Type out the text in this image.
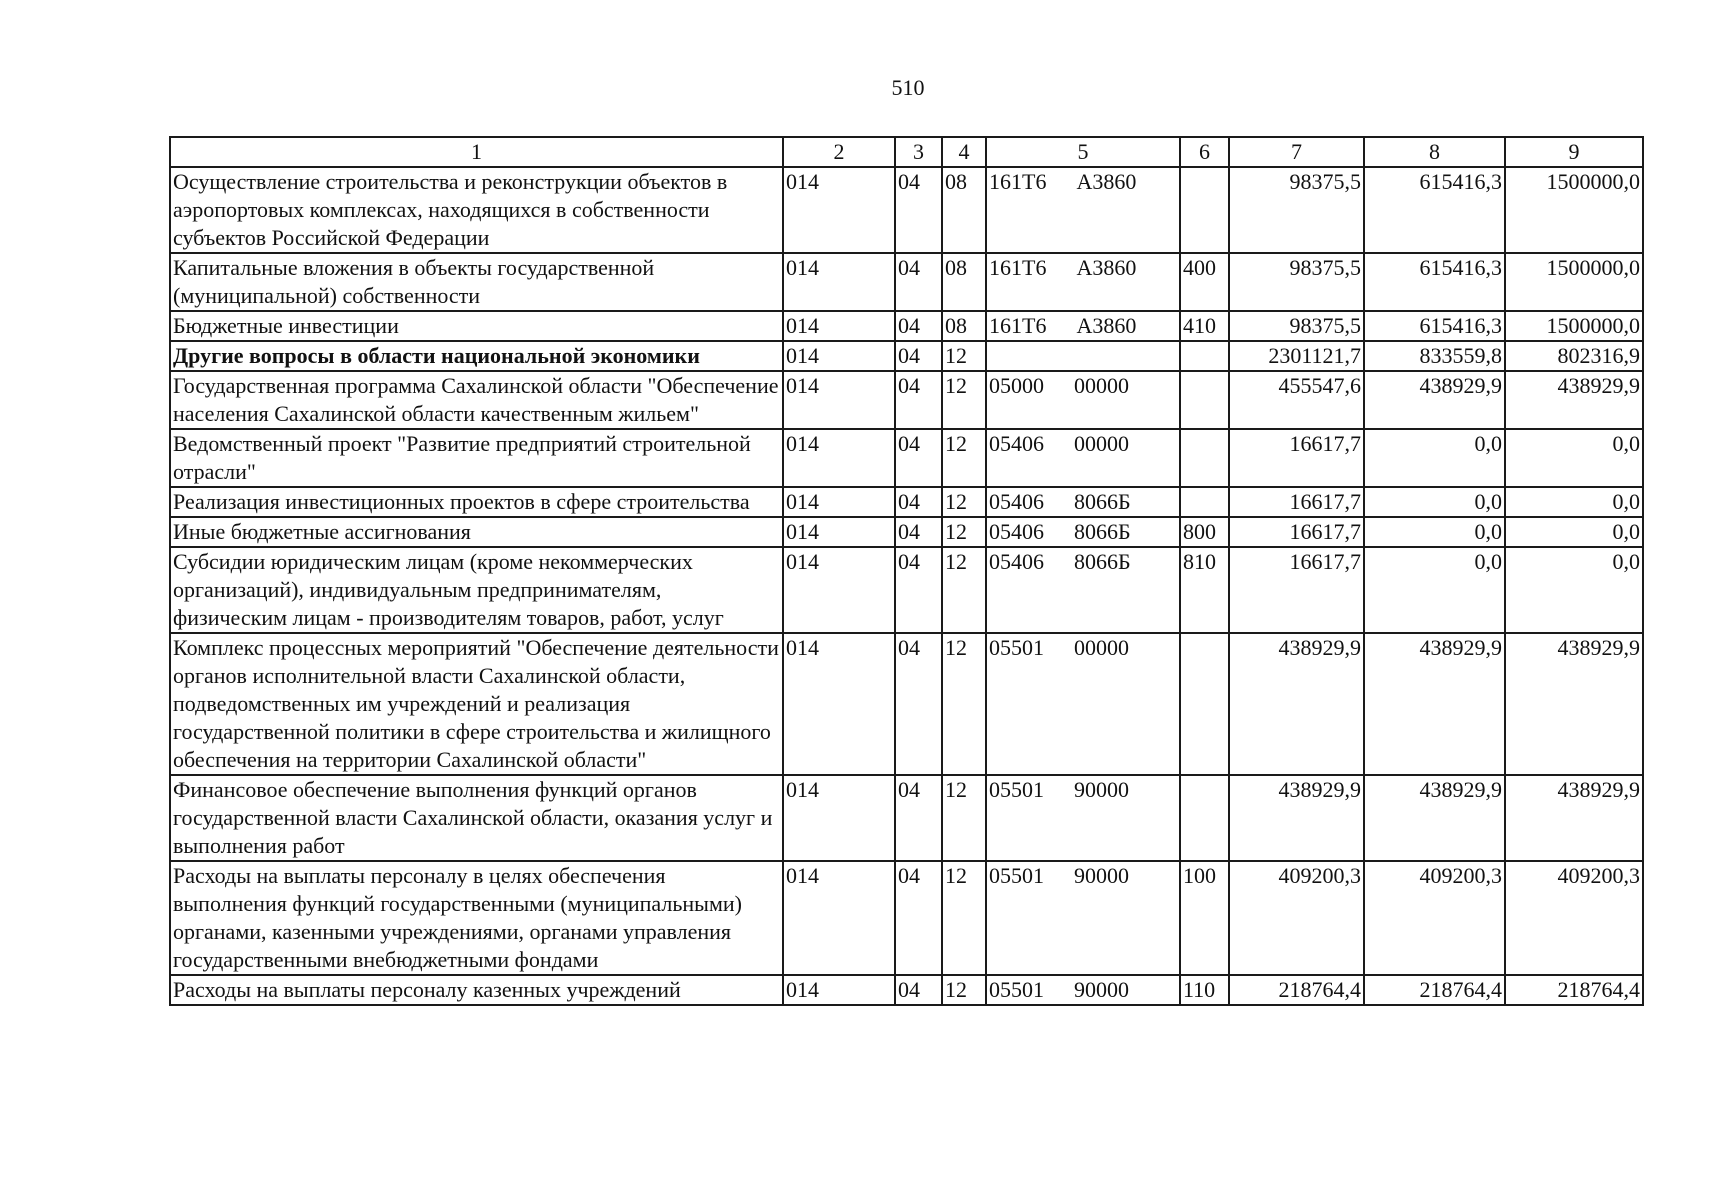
510
1	2	3	4	5	6	7	8	9
Осуществление строительства и реконструкции объектов в аэропортовых комплексах, находящихся в собственности субъектов Российской Федерации	014	04	08	161Т6 А3860		98375,5	615416,3	1500000,0
Капитальные вложения в объекты государственной (муниципальной) собственности	014	04	08	161Т6 А3860	400	98375,5	615416,3	1500000,0
Бюджетные инвестиции	014	04	08	161Т6 А3860	410	98375,5	615416,3	1500000,0
Другие вопросы в области национальной экономики	014	04	12			2301121,7	833559,8	802316,9
Государственная программа Сахалинской области "Обеспечение населения Сахалинской области качественным жильем"	014	04	12	05000 00000		455547,6	438929,9	438929,9
Ведомственный проект "Развитие предприятий строительной отрасли"	014	04	12	05406 00000		16617,7	0,0	0,0
Реализация инвестиционных проектов в сфере строительства	014	04	12	05406 8066Б		16617,7	0,0	0,0
Иные бюджетные ассигнования	014	04	12	05406 8066Б	800	16617,7	0,0	0,0
Субсидии юридическим лицам (кроме некоммерческих организаций), индивидуальным предпринимателям, физическим лицам - производителям товаров, работ, услуг	014	04	12	05406 8066Б	810	16617,7	0,0	0,0
Комплекс процессных мероприятий "Обеспечение деятельности органов исполнительной власти Сахалинской области, подведомственных им учреждений и реализация государственной политики в сфере строительства и жилищного обеспечения на территории Сахалинской области"	014	04	12	05501 00000		438929,9	438929,9	438929,9
Финансовое обеспечение выполнения функций органов государственной власти Сахалинской области, оказания услуг и выполнения работ	014	04	12	05501 90000		438929,9	438929,9	438929,9
Расходы на выплаты персоналу в целях обеспечения выполнения функций государственными (муниципальными) органами, казенными учреждениями, органами управления государственными внебюджетными фондами	014	04	12	05501 90000	100	409200,3	409200,3	409200,3
Расходы на выплаты персоналу казенных учреждений	014	04	12	05501 90000	110	218764,4	218764,4	218764,4
